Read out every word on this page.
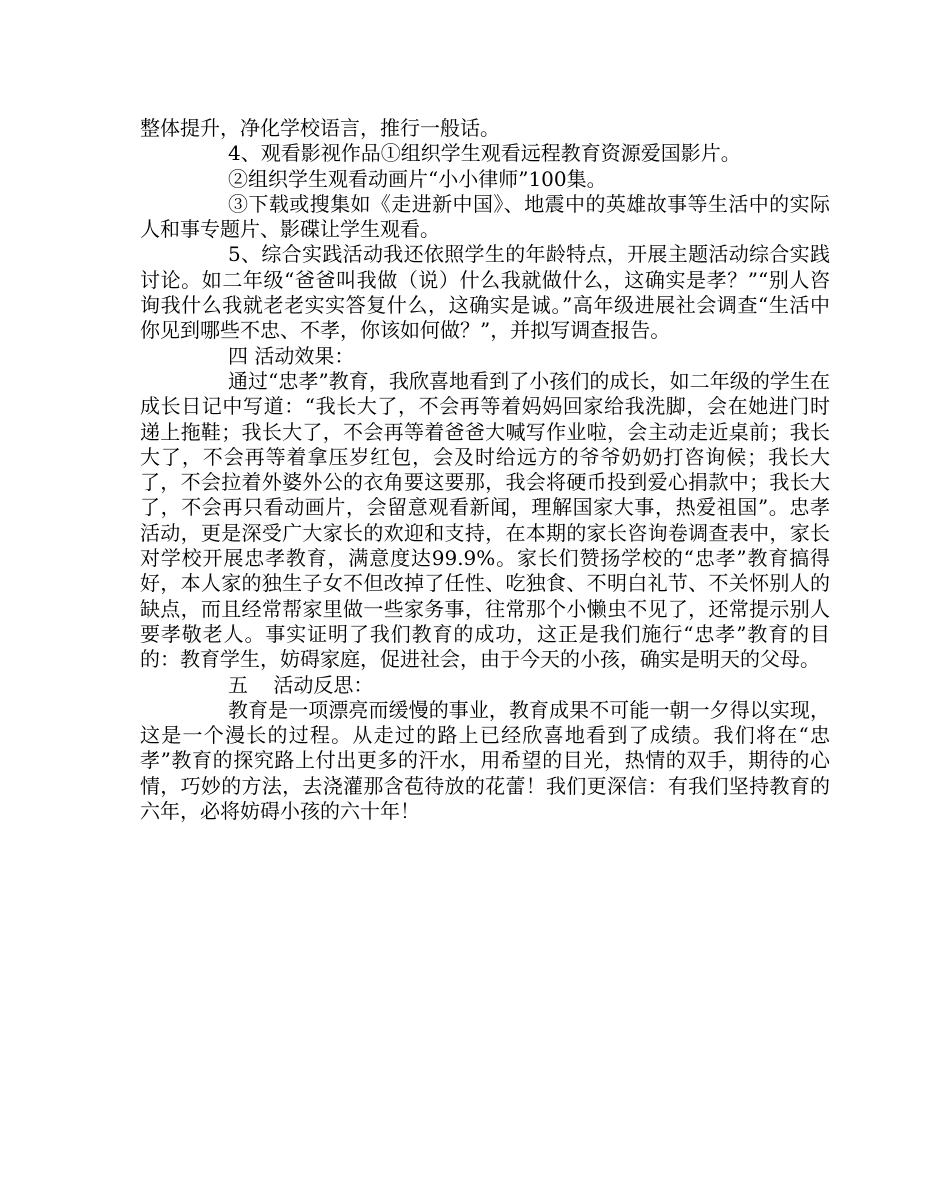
整体提升，净化学校语言，推行一般话。

4、观看影视作品①组织学生观看远程教育资源爱国影片。

②组织学生观看动画片“小小律师”100集。

③下载或搜集如《走进新中国》、地震中的英雄故事等生活中的实际人和事专题片、影碟让学生观看。

5、综合实践活动我还依照学生的年龄特点，开展主题活动综合实践讨论。如二年级“爸爸叫我做（说）什么我就做什么，这确实是孝？”“别人咨询我什么我就老老实实答复什么，这确实是诚。”高年级进展社会调查“生活中你见到哪些不忠、不孝，你该如何做？”，并拟写调查报告。

四 活动效果：

通过“忠孝”教育，我欣喜地看到了小孩们的成长，如二年级的学生在成长日记中写道：“我长大了，不会再等着妈妈回家给我洗脚，会在她进门时递上拖鞋；我长大了，不会再等着爸爸大喊写作业啦，会主动走近桌前；我长大了，不会再等着拿压岁红包，会及时给远方的爷爷奶奶打咨询候；我长大了，不会拉着外婆外公的衣角要这要那，我会将硬币投到爱心捐款中；我长大了，不会再只看动画片，会留意观看新闻，理解国家大事，热爱祖国”。忠孝活动，更是深受广大家长的欢迎和支持，在本期的家长咨询卷调查表中，家长对学校开展忠孝教育，满意度达99.9%。家长们赞扬学校的“忠孝”教育搞得好，本人家的独生子女不但改掉了任性、吃独食、不明白礼节、不关怀别人的缺点，而且经常帮家里做一些家务事，往常那个小懒虫不见了，还常提示别人要孝敬老人。事实证明了我们教育的成功，这正是我们施行“忠孝”教育的目的：教育学生，妨碍家庭，促进社会，由于今天的小孩，确实是明天的父母。

五    活动反思：

教育是一项漂亮而缓慢的事业，教育成果不可能一朝一夕得以实现，这是一个漫长的过程。从走过的路上已经欣喜地看到了成绩。我们将在“忠孝”教育的探究路上付出更多的汗水，用希望的目光，热情的双手，期待的心情，巧妙的方法，去浇灌那含苞待放的花蕾！我们更深信：有我们坚持教育的六年，必将妨碍小孩的六十年！
